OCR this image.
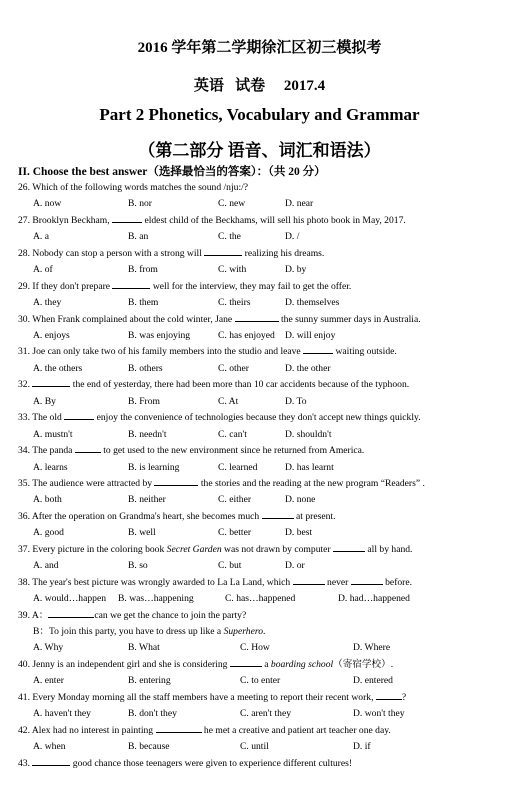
2016 学年第二学期徐汇区初三模拟考
英语   试卷     2017.4
Part 2 Phonetics, Vocabulary and Grammar
（第二部分 语音、词汇和语法）
II. Choose the best answer（选择最恰当的答案）：（共 20 分）
26. Which of the following words matches the sound /nju:/?
A. now	B. nor	C. new	D. near
27. Brooklyn Beckham,	eldest child of the Beckhams, will sell his photo book in May, 2017.
A. a	B. an	C. the	D. /
28. Nobody can stop a person with a strong will	realizing his dreams.
A. of	B. from	C. with	D. by
29. If they don't prepare	well for the interview, they may fail to get the offer.
A. they	B. them	C. theirs	D. themselves
30. When Frank complained about the cold winter, Jane	the sunny summer days in Australia.
A. enjoys	B. was enjoying	C. has enjoyed D. will enjoy
31. Joe can only take two of his family members into the studio and leave	waiting outside.
A. the others	B. others	C. other	D. the other
32.	the end of yesterday, there had been more than 10 car accidents because of the typhoon.
A. By	B. From	C. At	D. To
33. The old	enjoy the convenience of technologies because they don't accept new things quickly.
A. mustn't	B. needn't	C. can't	D. shouldn't
34. The panda	to get used to the new environment since he returned from America.
A. learns	B. is learning	C. learned	D. has learnt
35. The audience were attracted by	the stories and the reading at the new program “Readers” .
A. both	B. neither	C. either	D. none
36. After the operation on Grandma's heart, she becomes much	at present.
A. good	B. well	C. better	D. best
37. Every picture in the coloring book Secret Garden was not drawn by computer	all by hand.
A. and	B. so	C. but	D. or
38. The year's best picture was wrongly awarded to La La Land, which	never	before.
A. would…happen B. was…happening	C. has…happened	D. had…happened
39. A：	can we get the chance to join the party?
B：To join this party, you have to dress up like a Superhero.
A. Why	B. What	C. How	D. Where
40. Jenny is an independent girl and she is considering	a boarding school（寄宿学校）.
A. enter	B. entering	C. to enter	D. entered
41. Every Monday morning all the staff members have a meeting to report their recent work,	?
A. haven't they	B. don't they	C. aren't they	D. won't they
42. Alex had no interest in painting	he met a creative and patient art teacher one day.
A. when	B. because	C. until	D. if
43.	good chance those teenagers were given to experience different cultures!
